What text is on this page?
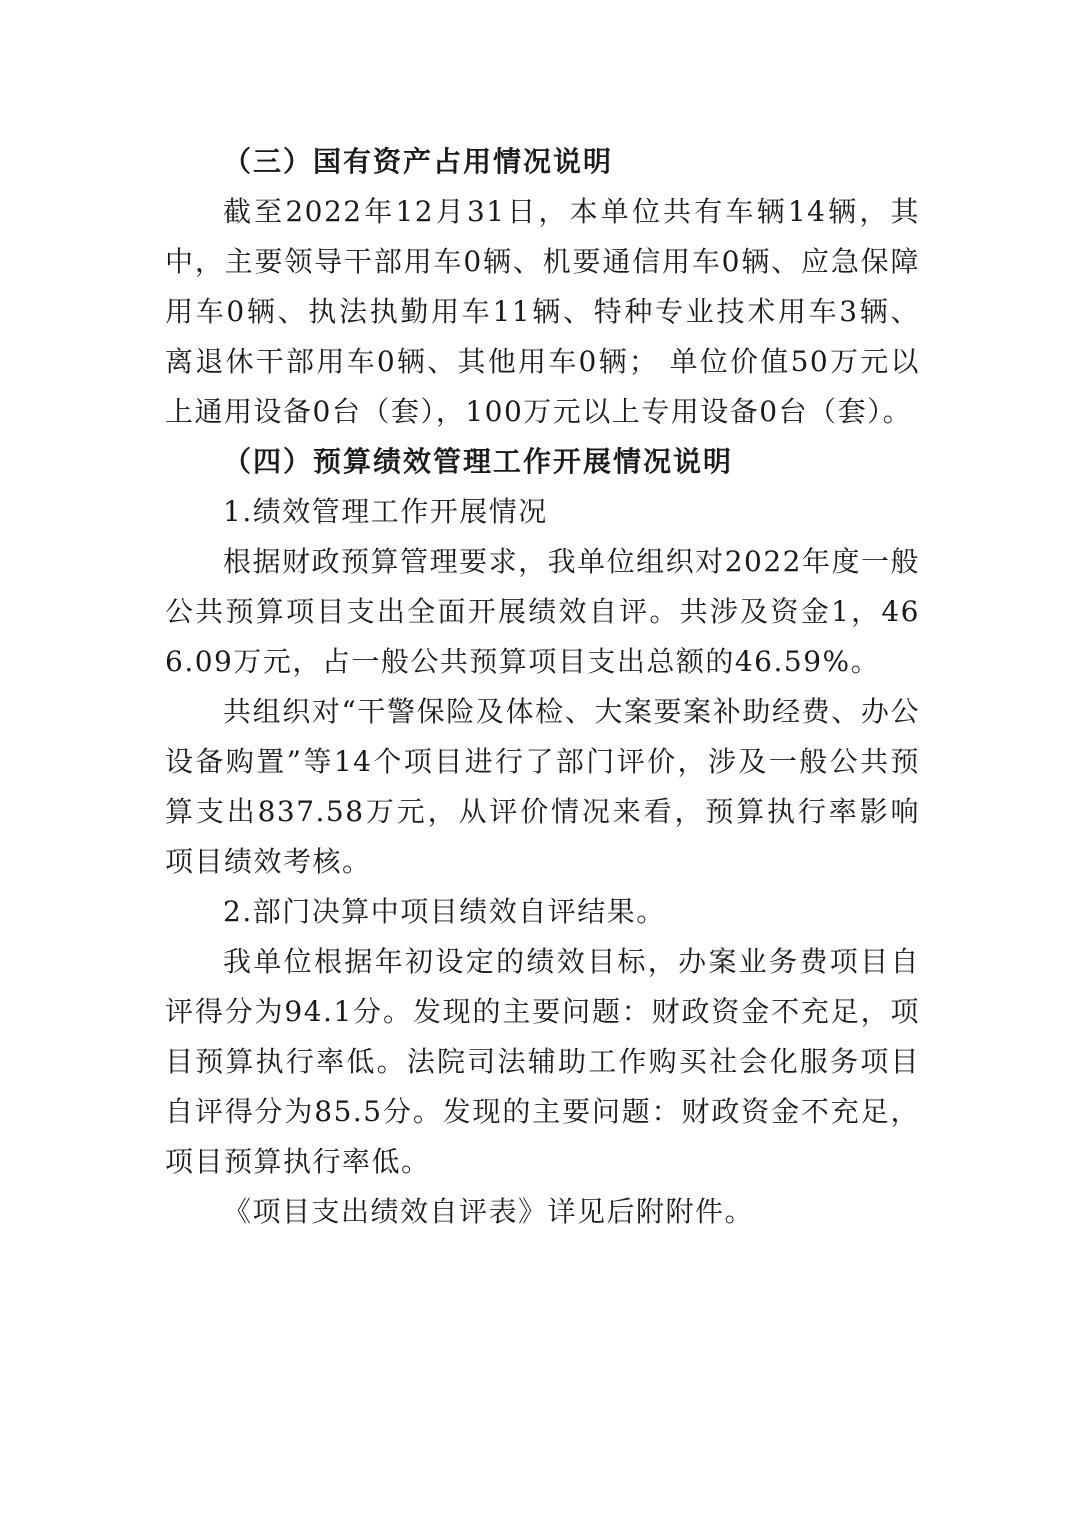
（三）国有资产占用情况说明

截至2022年12月31日，本单位共有车辆14辆，其中，主要领导干部用车0辆、机要通信用车0辆、应急保障用车0辆、执法执勤用车11辆、特种专业技术用车3辆、离退休干部用车0辆、其他用车0辆； 单位价值50万元以上通用设备0台（套），100万元以上专用设备0台（套）。

（四）预算绩效管理工作开展情况说明
1.绩效管理工作开展情况

根据财政预算管理要求，我单位组织对2022年度一般公共预算项目支出全面开展绩效自评。共涉及资金1，466.09万元，占一般公共预算项目支出总额的46.59%。

共组织对“干警保险及体检、大案要案补助经费、办公设备购置”等14个项目进行了部门评价，涉及一般公共预算支出837.58万元，从评价情况来看，预算执行率影响项目绩效考核。

2.部门决算中项目绩效自评结果。

我单位根据年初设定的绩效目标，办案业务费项目自评得分为94.1分。发现的主要问题：财政资金不充足，项目预算执行率低。法院司法辅助工作购买社会化服务项目自评得分为85.5分。发现的主要问题：财政资金不充足，项目预算执行率低。

《项目支出绩效自评表》详见后附附件。
